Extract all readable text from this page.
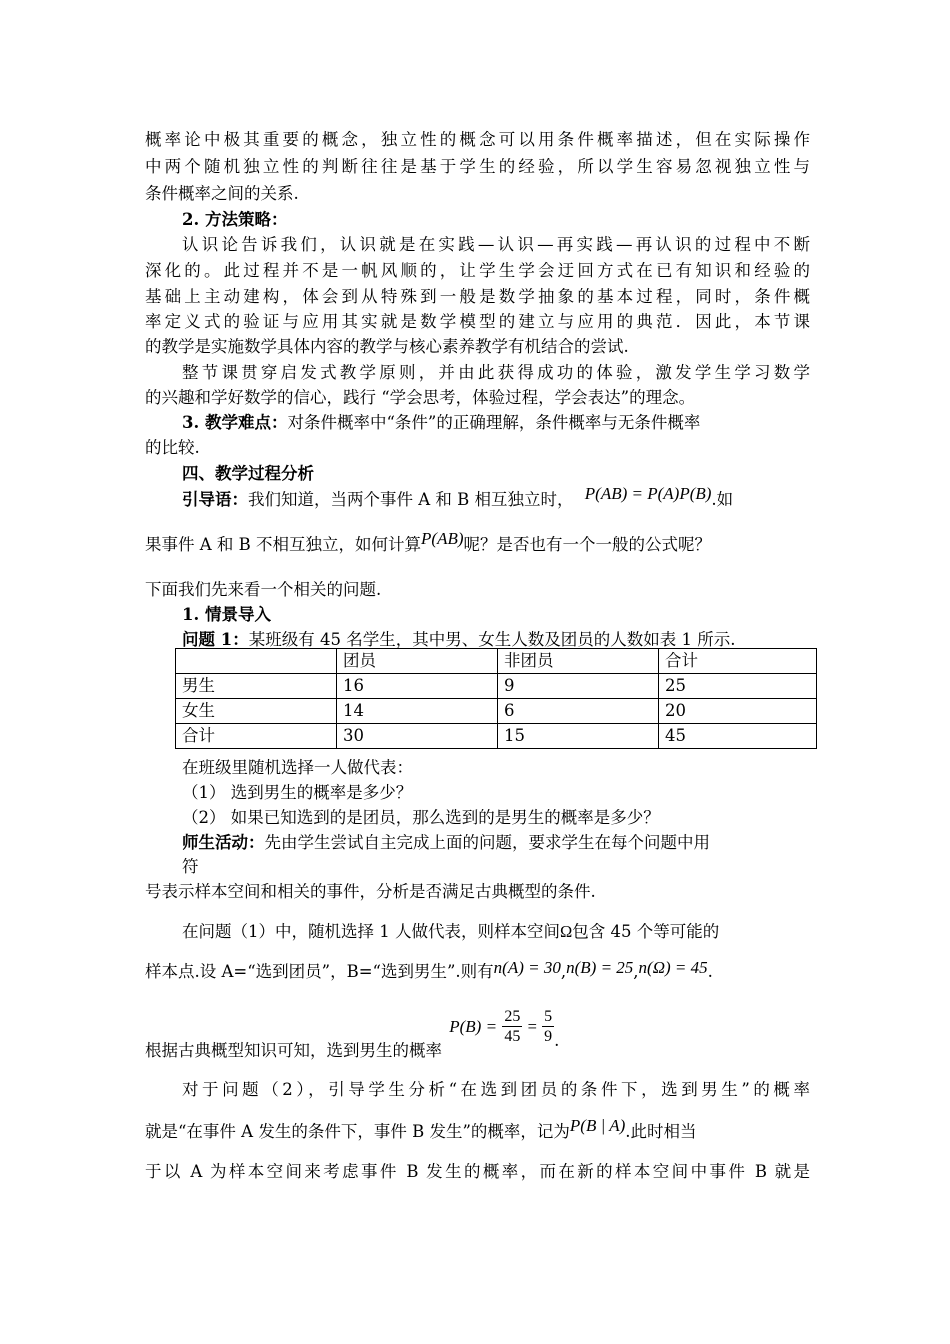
概率论中极其重要的概念，独立性的概念可以用条件概率描述，但在实际操作
中两个随机独立性的判断往往是基于学生的经验，所以学生容易忽视独立性与
条件概率之间的关系.
2. 方法策略：
认识论告诉我们，认识就是在实践—认识—再实践—再认识的过程中不断
深化的。此过程并不是一帆风顺的，让学生学会迂回方式在已有知识和经验的
基础上主动建构，体会到从特殊到一般是数学抽象的基本过程，同时，条件概
率定义式的验证与应用其实就是数学模型的建立与应用的典范．因此，本节课
的教学是实施数学具体内容的教学与核心素养教学有机结合的尝试.
整节课贯穿启发式教学原则，并由此获得成功的体验，激发学生学习数学
的兴趣和学好数学的信心，践行 “学会思考，体验过程，学会表达”的理念。
3. 教学难点：对条件概率中“条件”的正确理解，条件概率与无条件概率
的比较.
四、教学过程分析
引导语：我们知道，当两个事件 A 和 B 相互独立时， P(AB) = P(A)P(B).如
果事件 A 和 B 不相互独立，如何计算P(AB)呢？是否也有一个一般的公式呢？
下面我们先来看一个相关的问题.
1. 情景导入
问题 1：某班级有 45 名学生，其中男、女生人数及团员的人数如表 1 所示.
	团员	非团员	合计
男生	16	9	25
女生	14	6	20
合计	30	15	45
在班级里随机选择一人做代表：
（1） 选到男生的概率是多少？
（2） 如果已知选到的是团员，那么选到的是男生的概率是多少？
师生活动：先由学生尝试自主完成上面的问题，要求学生在每个问题中用
符
号表示样本空间和相关的事件，分析是否满足古典概型的条件.
在问题（1）中，随机选择 1 人做代表，则样本空间Ω包含 45 个等可能的
样本点.设 A=“选到团员”，B=“选到男生”.则有n(A) = 30,n(B) = 25,n(Ω) = 45.
根据古典概型知识可知，选到男生的概率 $P(B) = \frac{25}{45} = \frac{5}{9}$ .
对于问题（2），引导学生分析“在选到团员的条件下，选到男生”的概率
就是“在事件 A 发生的条件下，事件 B 发生”的概率，记为P(B | A).此时相当
于以 A 为样本空间来考虑事件 B 发生的概率，而在新的样本空间中事件 B 就是
